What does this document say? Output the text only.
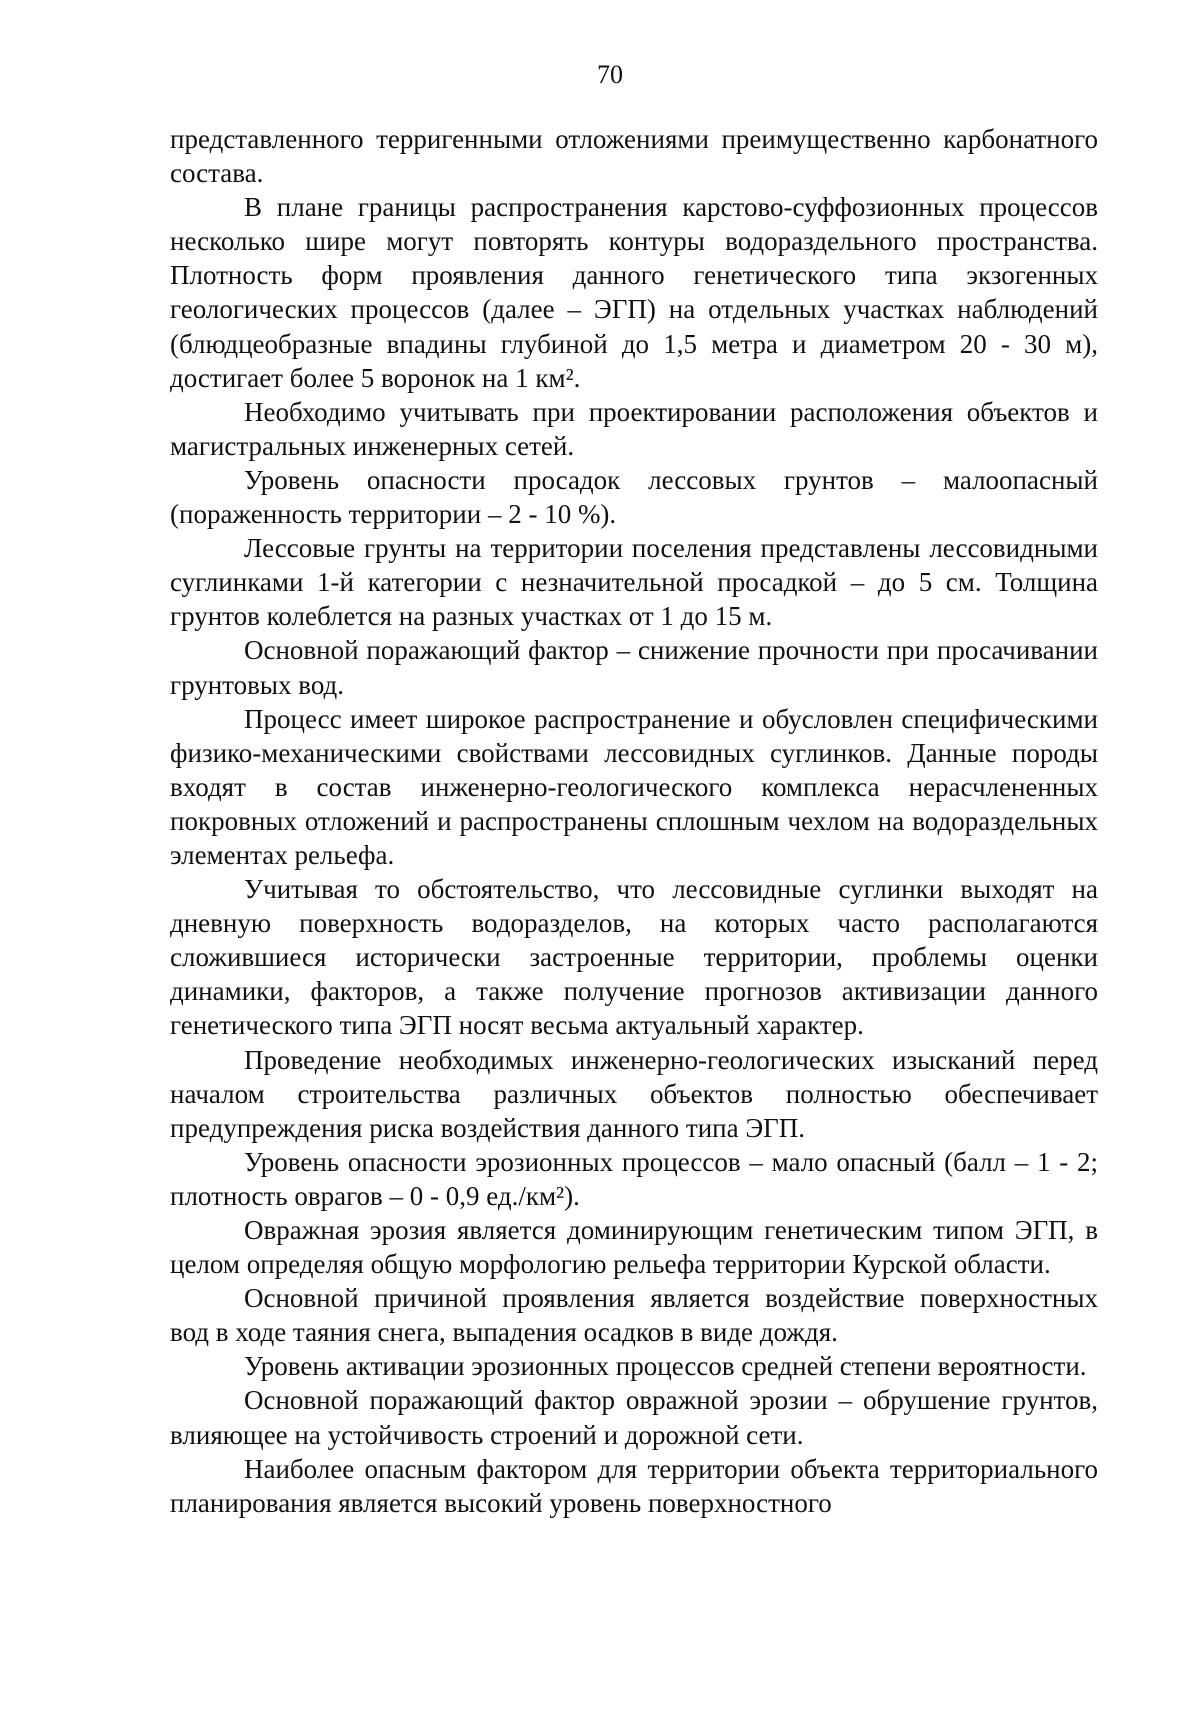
70

представленного терригенными отложениями преимущественно карбонатного состава.

В плане границы распространения карстово-суффозионных процессов несколько шире могут повторять контуры водораздельного пространства. Плотность форм проявления данного генетического типа экзогенных геологических процессов (далее – ЭГП) на отдельных участках наблюдений (блюдцеобразные впадины глубиной до 1,5 метра и диаметром 20 - 30 м), достигает более 5 воронок на 1 км².

Необходимо учитывать при проектировании расположения объектов и магистральных инженерных сетей.

Уровень опасности просадок лессовых грунтов – малоопасный (пораженность территории – 2 - 10 %).

Лессовые грунты на территории поселения представлены лессовидными суглинками 1-й категории с незначительной просадкой – до 5 см. Толщина грунтов колеблется на разных участках от 1 до 15 м.

Основной поражающий фактор – снижение прочности при просачивании грунтовых вод.

Процесс имеет широкое распространение и обусловлен специфическими физико-механическими свойствами лессовидных суглинков. Данные породы входят в состав инженерно-геологического комплекса нерасчлененных покровных отложений и распространены сплошным чехлом на водораздельных элементах рельефа.

Учитывая то обстоятельство, что лессовидные суглинки выходят на дневную поверхность водоразделов, на которых часто располагаются сложившиеся исторически застроенные территории, проблемы оценки динамики, факторов, а также получение прогнозов активизации данного генетического типа ЭГП носят весьма актуальный характер.

Проведение необходимых инженерно-геологических изысканий перед началом строительства различных объектов полностью обеспечивает предупреждения риска воздействия данного типа ЭГП.

Уровень опасности эрозионных процессов – мало опасный (балл – 1 - 2; плотность оврагов – 0 - 0,9 ед./км²).

Овражная эрозия является доминирующим генетическим типом ЭГП, в целом определяя общую морфологию рельефа территории Курской области.

Основной причиной проявления является воздействие поверхностных вод в ходе таяния снега, выпадения осадков в виде дождя.

Уровень активации эрозионных процессов средней степени вероятности.

Основной поражающий фактор овражной эрозии – обрушение грунтов, влияющее на устойчивость строений и дорожной сети.

Наиболее опасным фактором для территории объекта территориального планирования является высокий уровень поверхностного
